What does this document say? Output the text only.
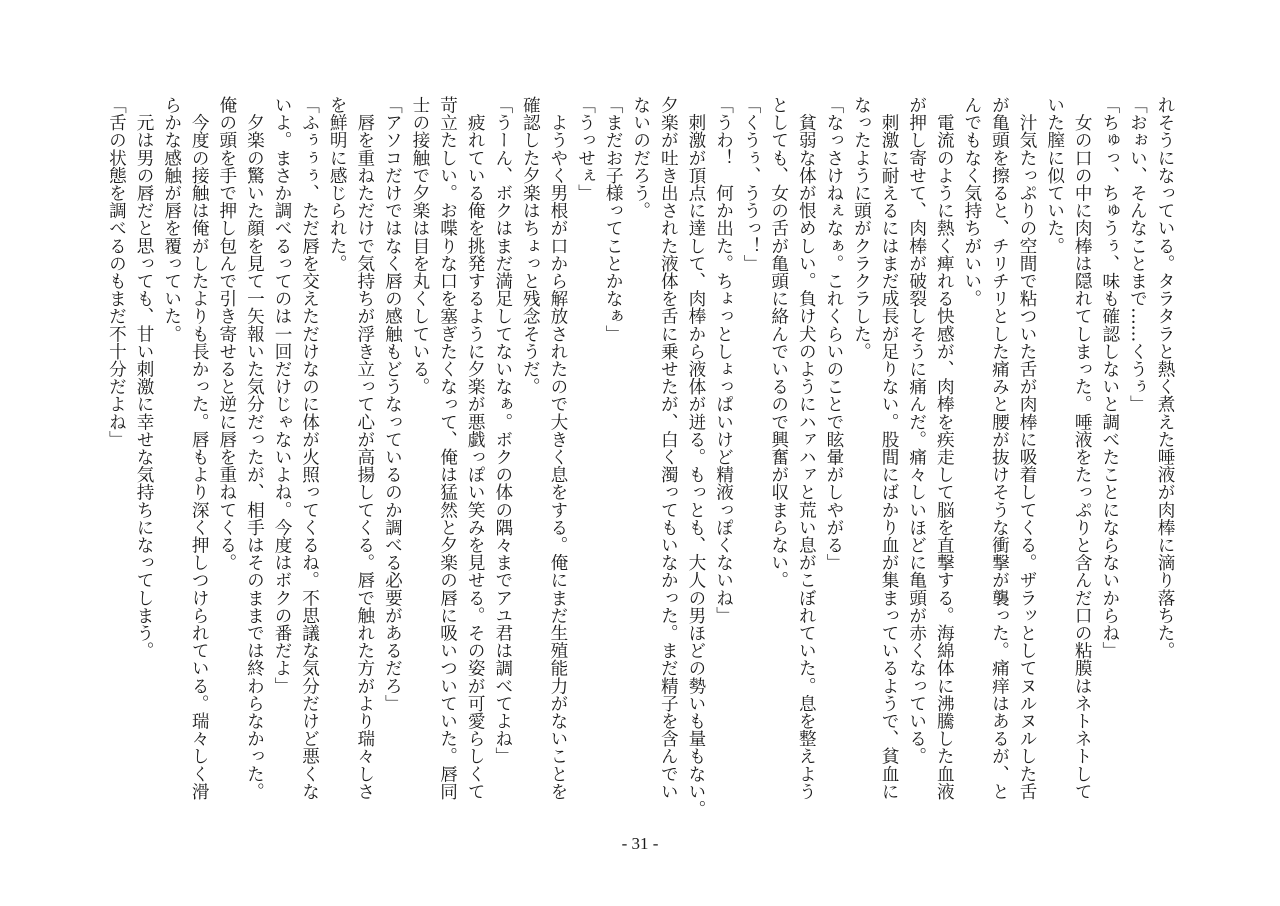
れそうになっている。タラタラと熱く煮えた唾液が肉棒に滴り落ちた。
「おぉい、そんなことまで……くうぅ」
「ちゅっ、ちゅうぅ、味も確認しないと調べたことにならないからね」
　女の口の中に肉棒は隠れてしまった。唾液をたっぷりと含んだ口の粘膜はネトネトして
いた膣に似ていた。
　汁気たっぷりの空間で粘ついた舌が肉棒に吸着してくる。ザラッとしてヌルヌルした舌
が亀頭を擦ると、チリチリとした痛みと腰が抜けそうな衝撃が襲った。痛痒はあるが、と
んでもなく気持ちがいい。
　電流のように熱く痺れる快感が、肉棒を疾走して脳を直撃する。海綿体に沸騰した血液
が押し寄せて、肉棒が破裂しそうに痛んだ。痛々しいほどに亀頭が赤くなっている。
　刺激に耐えるにはまだ成長が足りない。股間にばかり血が集まっているようで、貧血に
なったように頭がクラクラした。
「なっさけねぇなぁ。これくらいのことで眩暈がしやがる」
　貧弱な体が恨めしい。負け犬のようにハァハァと荒い息がこぼれていた。息を整えよう
としても、女の舌が亀頭に絡んでいるので興奮が収まらない。
「くうぅ、ううっ！」
「うわ！　何か出た。ちょっとしょっぱいけど精液っぽくないね」
　刺激が頂点に達して、肉棒から液体が迸る。もっとも、大人の男ほどの勢いも量もない。
夕楽が吐き出された液体を舌に乗せたが、白く濁ってもいなかった。まだ精子を含んでい
ないのだろう。
「まだお子様ってことかなぁ」
「うっせぇ」
　ようやく男根が口から解放されたので大きく息をする。俺にまだ生殖能力がないことを
確認した夕楽はちょっと残念そうだ。
「うーん、ボクはまだ満足してないなぁ。ボクの体の隅々までアユ君は調べてよね」
　疲れている俺を挑発するように夕楽が悪戯っぽい笑みを見せる。その姿が可愛らしくて
苛立たしい。お喋りな口を塞ぎたくなって、俺は猛然と夕楽の唇に吸いついていた。唇同
士の接触で夕楽は目を丸くしている。
「アソコだけではなく唇の感触もどうなっているのか調べる必要があるだろ」
　唇を重ねただけで気持ちが浮き立って心が高揚してくる。唇で触れた方がより瑞々しさ
を鮮明に感じられた。
「ふぅぅぅ、ただ唇を交えただけなのに体が火照ってくるね。不思議な気分だけど悪くな
いよ。まさか調べるってのは一回だけじゃないよね。今度はボクの番だよ」
　夕楽の驚いた顔を見て一矢報いた気分だったが、相手はそのままでは終わらなかった。
俺の頭を手で押し包んで引き寄せると逆に唇を重ねてくる。
　今度の接触は俺がしたよりも長かった。唇もより深く押しつけられている。瑞々しく滑
らかな感触が唇を覆っていた。
　元は男の唇だと思っても、甘い刺激に幸せな気持ちになってしまう。
「舌の状態を調べるのもまだ不十分だよね」
- 31 -
